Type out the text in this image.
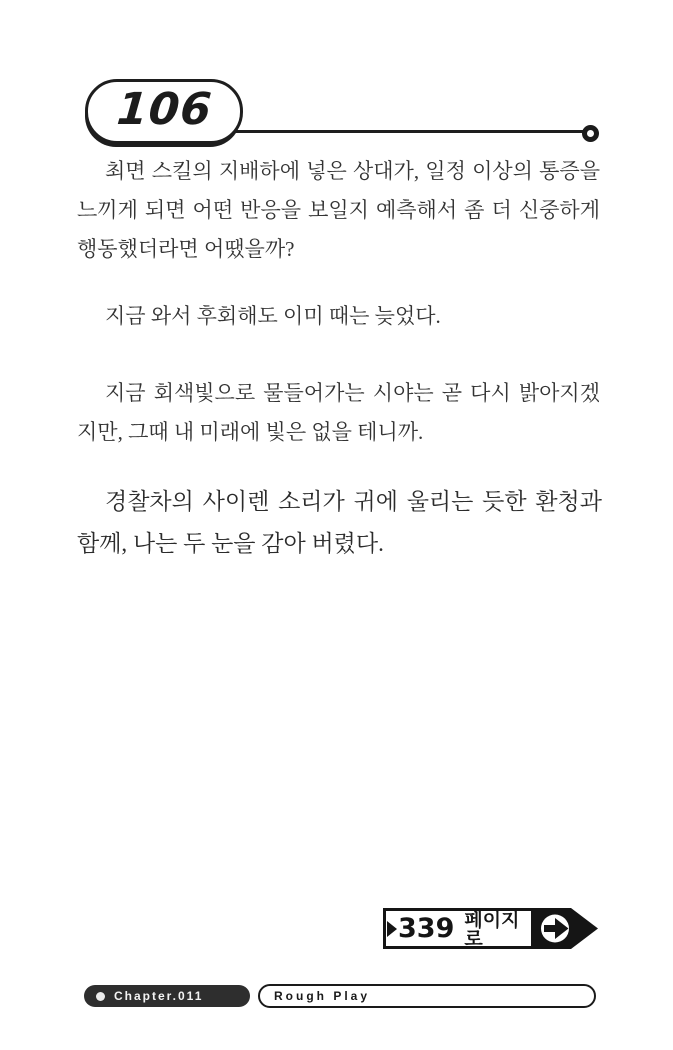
106

최면 스킬의 지배하에 넣은 상대가, 일정 이상의 통증을 느끼게 되면 어떤 반응을 보일지 예측해서 좀 더 신중하게 행동했더라면 어땠을까?

지금 와서 후회해도 이미 때는 늦었다.

지금 회색빛으로 물들어가는 시야는 곧 다시 밝아지겠지만, 그때 내 미래에 빛은 없을 테니까.

경찰차의 사이렌 소리가 귀에 울리는 듯한 환청과 함께, 나는 두 눈을 감아 버렸다.

339 페이지로
Chapter.011	Rough Play
